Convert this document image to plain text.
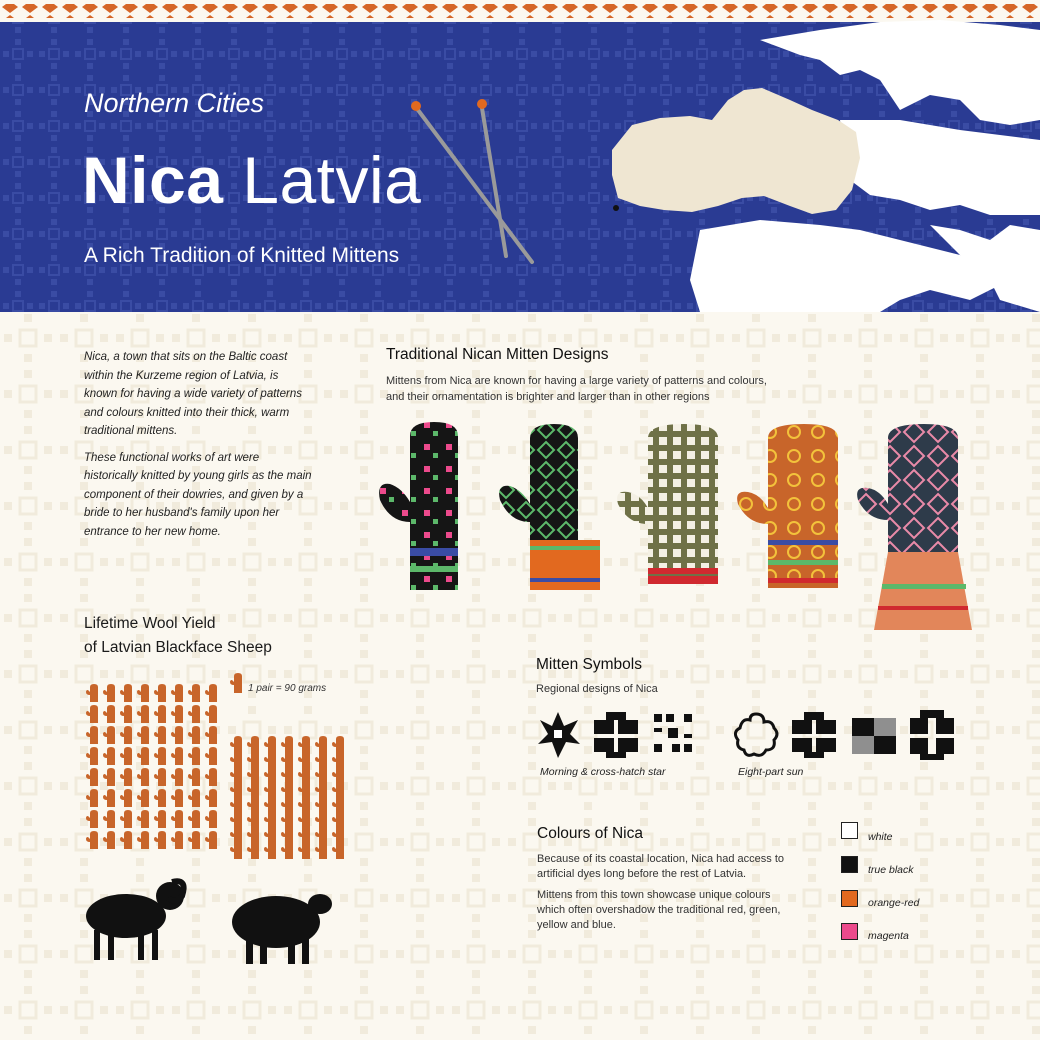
Northern Cities
Nica Latvia
A Rich Tradition of Knitted Mittens

Nica, a town that sits on the Baltic coast within the Kurzeme region of Latvia, is known for having a wide variety of patterns and colours knitted into their thick, warm traditional mittens.

These functional works of art were historically knitted by young girls as the main component of their dowries, and given by a bride to her husband's family upon her entrance to her new home.

Traditional Nican Mitten Designs
Mittens from Nica are known for having a large variety of patterns and colours, and their ornamentation is brighter and larger than in other regions
Lifetime Wool Yield
of Latvian Blackface Sheep
1 pair = 90 grams
Mitten Symbols
Regional designs of Nica
Morning & cross-hatch star	Eight-part sun
Colours of Nica

Because of its coastal location, Nica had access to artificial dyes long before the rest of Latvia.

Mittens from this town showcase unique colours which often overshadow the traditional red, green, yellow and blue.

white
true black
orange-red
magenta
